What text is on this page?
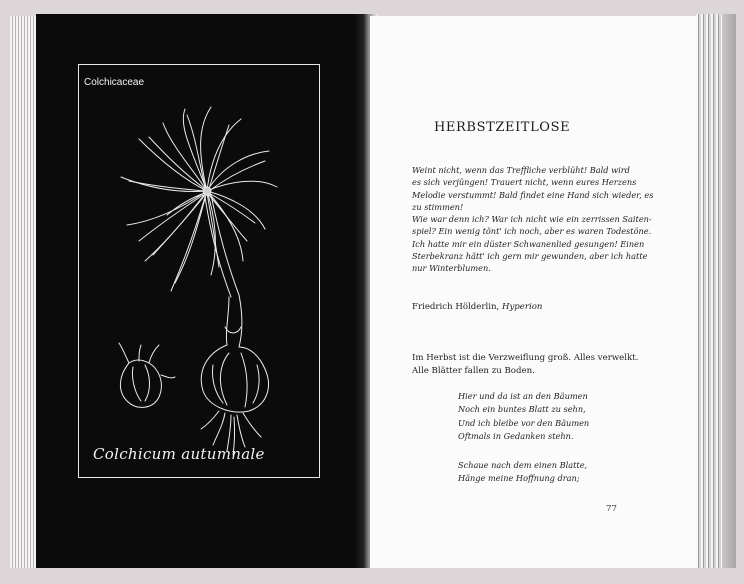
Colchicaceae
Colchicum autumnale
HERBSTZEITLOSE
Weint nicht, wenn das Treffliche verblüht! Bald wird
es sich verjüngen! Trauert nicht, wenn eures Herzens
Melodie verstummt! Bald findet eine Hand sich wieder, es
zu stimmen!
Wie war denn ich? War ich nicht wie ein zerrissen Saiten-
spiel? Ein wenig tönt' ich noch, aber es waren Todestöne.
Ich hatte mir ein düster Schwanenlied gesungen! Einen
Sterbekranz hätt' ich gern mir gewunden, aber ich hatte
nur Winterblumen.
Friedrich Hölderlin, Hyperion
Im Herbst ist die Verzweiflung groß. Alles verwelkt.
Alle Blätter fallen zu Boden.
Hier und da ist an den Bäumen
Noch ein buntes Blatt zu sehn,
Und ich bleibe vor den Bäumen
Oftmals in Gedanken stehn.
Schaue nach dem einen Blatte,
Hänge meine Hoffnung dran;
77
